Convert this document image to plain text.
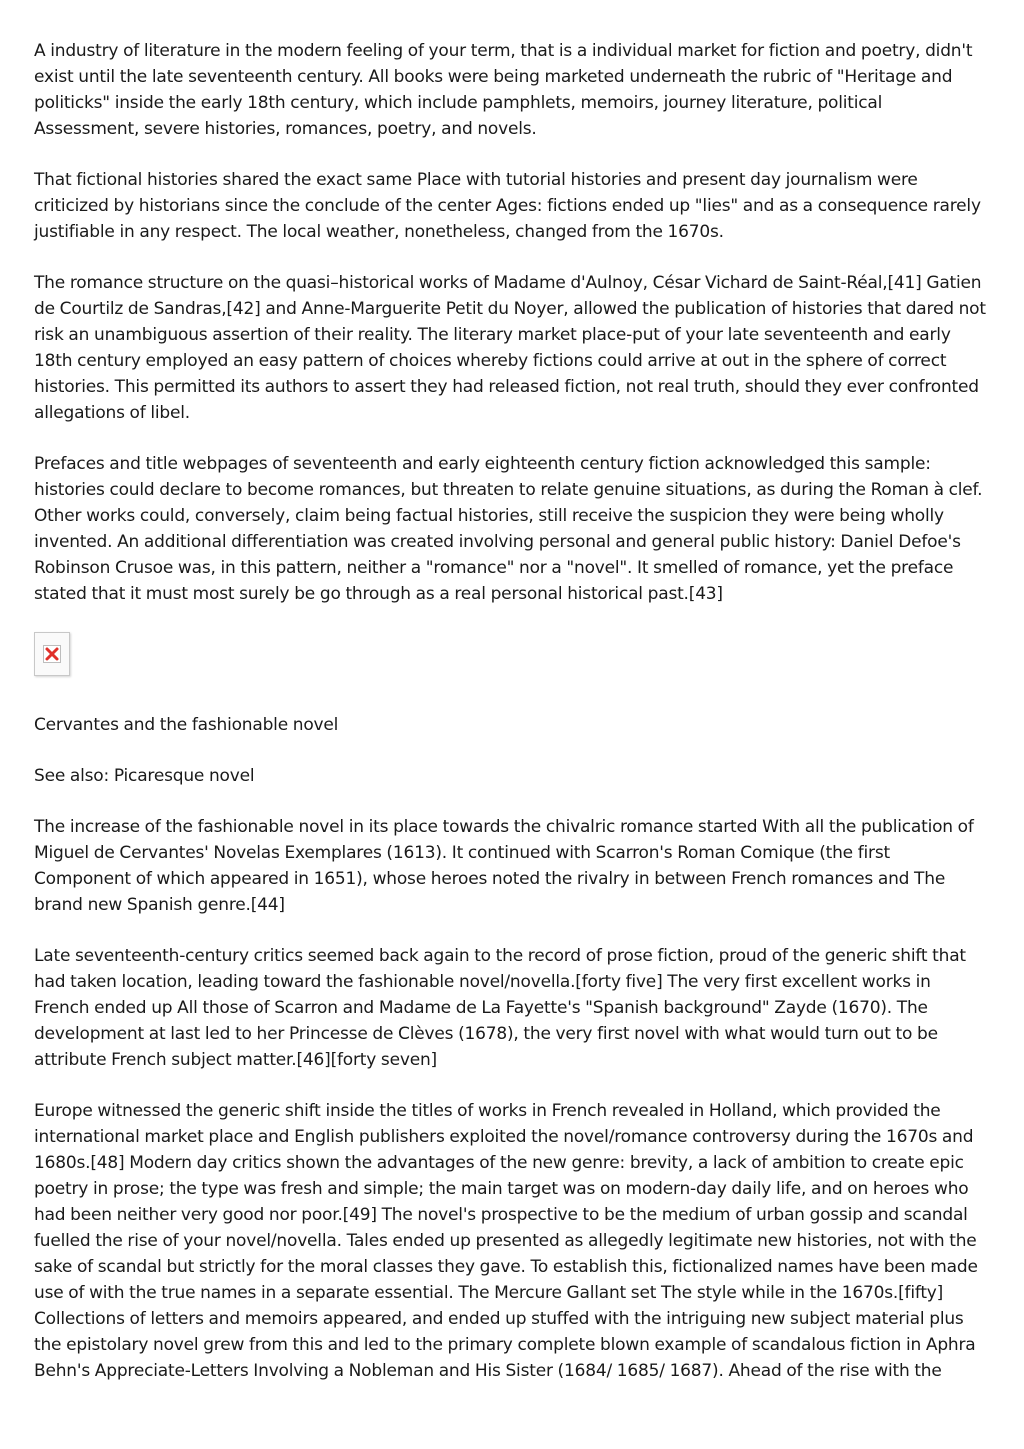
A industry of literature in the modern feeling of your term, that is a individual market for fiction and poetry, didn't exist until the late seventeenth century. All books were being marketed underneath the rubric of "Heritage and politicks" inside the early 18th century, which include pamphlets, memoirs, journey literature, political Assessment, severe histories, romances, poetry, and novels.

That fictional histories shared the exact same Place with tutorial histories and present day journalism were criticized by historians since the conclude of the center Ages: fictions ended up "lies" and as a consequence rarely justifiable in any respect. The local weather, nonetheless, changed from the 1670s.

The romance structure on the quasi–historical works of Madame d'Aulnoy, César Vichard de Saint-Réal,[41] Gatien de Courtilz de Sandras,[42] and Anne-Marguerite Petit du Noyer, allowed the publication of histories that dared not risk an unambiguous assertion of their reality. The literary market place-put of your late seventeenth and early 18th century employed an easy pattern of choices whereby fictions could arrive at out in the sphere of correct histories. This permitted its authors to assert they had released fiction, not real truth, should they ever confronted allegations of libel.

Prefaces and title webpages of seventeenth and early eighteenth century fiction acknowledged this sample: histories could declare to become romances, but threaten to relate genuine situations, as during the Roman à clef. Other works could, conversely, claim being factual histories, still receive the suspicion they were being wholly invented. An additional differentiation was created involving personal and general public history: Daniel Defoe's Robinson Crusoe was, in this pattern, neither a "romance" nor a "novel". It smelled of romance, yet the preface stated that it must most surely be go through as a real personal historical past.[43]

Cervantes and the fashionable novel

See also: Picaresque novel

The increase of the fashionable novel in its place towards the chivalric romance started With all the publication of Miguel de Cervantes' Novelas Exemplares (1613). It continued with Scarron's Roman Comique (the first Component of which appeared in 1651), whose heroes noted the rivalry in between French romances and The brand new Spanish genre.[44]

Late seventeenth-century critics seemed back again to the record of prose fiction, proud of the generic shift that had taken location, leading toward the fashionable novel/novella.[forty five] The very first excellent works in French ended up All those of Scarron and Madame de La Fayette's "Spanish background" Zayde (1670). The development at last led to her Princesse de Clèves (1678), the very first novel with what would turn out to be attribute French subject matter.[46][forty seven]

Europe witnessed the generic shift inside the titles of works in French revealed in Holland, which provided the international market place and English publishers exploited the novel/romance controversy during the 1670s and 1680s.[48] Modern day critics shown the advantages of the new genre: brevity, a lack of ambition to create epic poetry in prose; the type was fresh and simple; the main target was on modern-day daily life, and on heroes who had been neither very good nor poor.[49] The novel's prospective to be the medium of urban gossip and scandal fuelled the rise of your novel/novella. Tales ended up presented as allegedly legitimate new histories, not with the sake of scandal but strictly for the moral classes they gave. To establish this, fictionalized names have been made use of with the true names in a separate essential. The Mercure Gallant set The style while in the 1670s.[fifty] Collections of letters and memoirs appeared, and ended up stuffed with the intriguing new subject material plus the epistolary novel grew from this and led to the primary complete blown example of scandalous fiction in Aphra Behn's Appreciate-Letters Involving a Nobleman and His Sister (1684/ 1685/ 1687). Ahead of the rise with the
